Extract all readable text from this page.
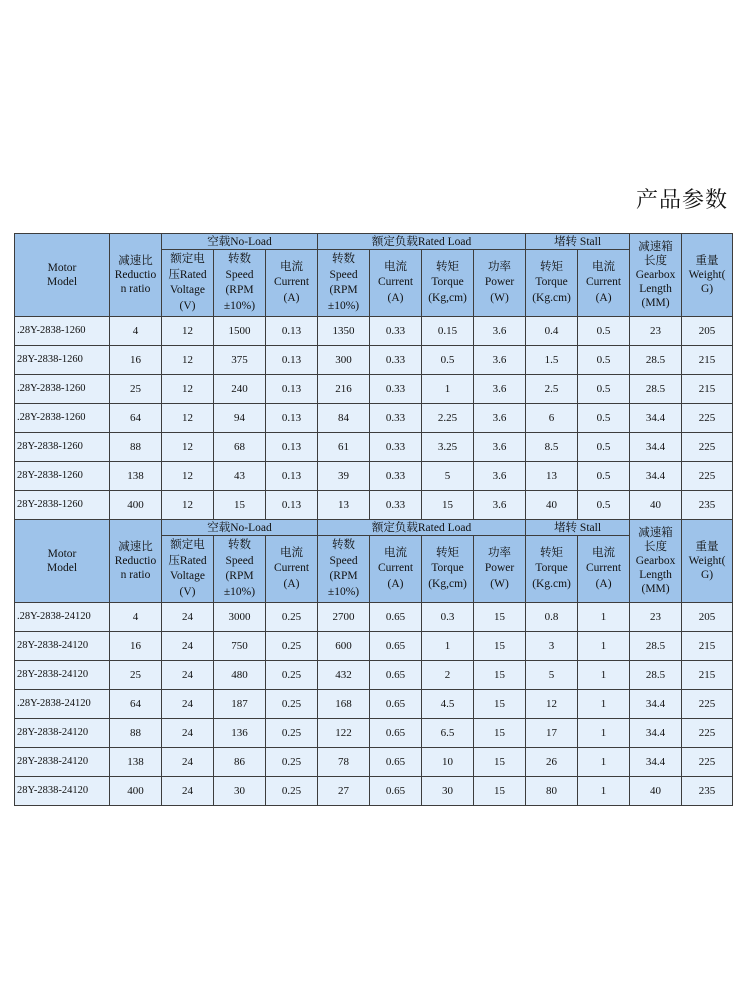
产品参数
Motor
Model	减速比
Reductio
n ratio	空载No-Load			额定负载Rated Load				堵转 Stall		减速箱
长度
Gearbox
Length
(MM)	重量
Weight(
G)

		额定电
压Rated
Voltage
(V)	转数
Speed
(RPM
±10%)	电流
Current
(A)	转数
Speed
(RPM
±10%)	电流
Current
(A)	转矩
Torque
(Kg,cm)	功率
Power
(W)	转矩
Torque
(Kg.cm)	电流
Current
(A)		

.28Y-2838-1260	4	12	1500	0.13	1350	0.33	0.15	3.6	0.4	0.5	23	205
28Y-2838-1260	16	12	375	0.13	300	0.33	0.5	3.6	1.5	0.5	28.5	215
.28Y-2838-1260	25	12	240	0.13	216	0.33	1	3.6	2.5	0.5	28.5	215
.28Y-2838-1260	64	12	94	0.13	84	0.33	2.25	3.6	6	0.5	34.4	225
28Y-2838-1260	88	12	68	0.13	61	0.33	3.25	3.6	8.5	0.5	34.4	225
28Y-2838-1260	138	12	43	0.13	39	0.33	5	3.6	13	0.5	34.4	225
28Y-2838-1260	400	12	15	0.13	13	0.33	15	3.6	40	0.5	40	235

Motor
Model	减速比
Reductio
n ratio	空载No-Load			额定负载Rated Load				堵转 Stall		减速箱
长度
Gearbox
Length
(MM)	重量
Weight(
G)

		额定电
压Rated
Voltage
(V)	转数
Speed
(RPM
±10%)	电流
Current
(A)	转数
Speed
(RPM
±10%)	电流
Current
(A)	转矩
Torque
(Kg,cm)	功率
Power
(W)	转矩
Torque
(Kg.cm)	电流
Current
(A)		

.28Y-2838-24120	4	24	3000	0.25	2700	0.65	0.3	15	0.8	1	23	205
28Y-2838-24120	16	24	750	0.25	600	0.65	1	15	3	1	28.5	215
28Y-2838-24120	25	24	480	0.25	432	0.65	2	15	5	1	28.5	215
.28Y-2838-24120	64	24	187	0.25	168	0.65	4.5	15	12	1	34.4	225
28Y-2838-24120	88	24	136	0.25	122	0.65	6.5	15	17	1	34.4	225
28Y-2838-24120	138	24	86	0.25	78	0.65	10	15	26	1	34.4	225
28Y-2838-24120	400	24	30	0.25	27	0.65	30	15	80	1	40	235
